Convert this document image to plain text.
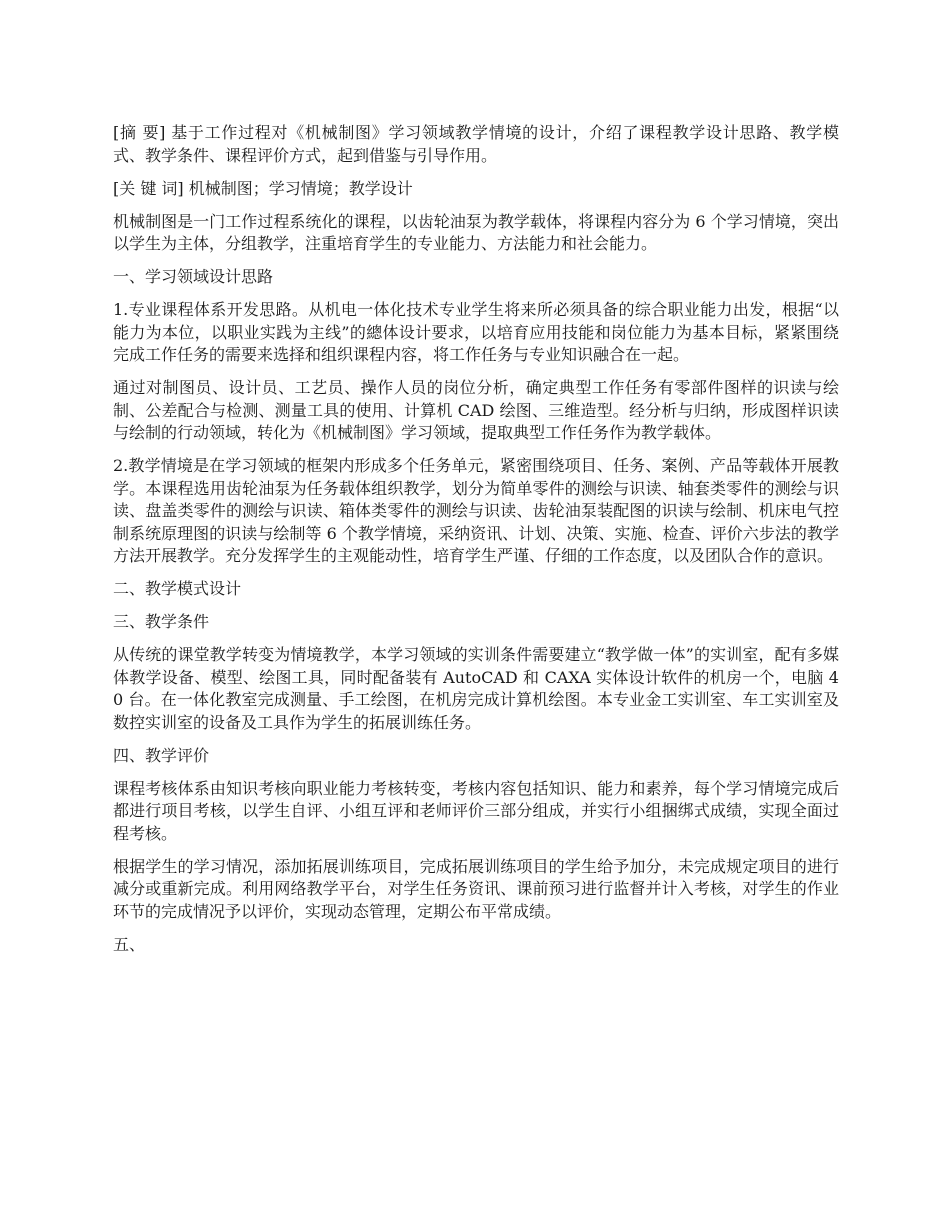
[摘 要] 基于工作过程对《机械制图》学习领域教学情境的设计，介绍了课程教学设计思路、教学模式、教学条件、课程评价方式，起到借鉴与引导作用。

[关 键 词] 机械制图；学习情境；教学设计

机械制图是一门工作过程系统化的课程，以齿轮油泵为教学载体，将课程内容分为 6 个学习情境，突出以学生为主体，分组教学，注重培育学生的专业能力、方法能力和社会能力。

一、学习领域设计思路

1.专业课程体系开发思路。从机电一体化技术专业学生将来所必须具备的综合职业能力出发，根据“以能力为本位，以职业实践为主线”的總体设计要求，以培育应用技能和岗位能力为基本目标，紧紧围绕完成工作任务的需要来选择和组织课程内容，将工作任务与专业知识融合在一起。

通过对制图员、设计员、工艺员、操作人员的岗位分析，确定典型工作任务有零部件图样的识读与绘制、公差配合与检测、测量工具的使用、计算机 CAD 绘图、三维造型。经分析与归纳，形成图样识读与绘制的行动领域，转化为《机械制图》学习领域，提取典型工作任务作为教学载体。

2.教学情境是在学习领域的框架内形成多个任务单元，紧密围绕项目、任务、案例、产品等载体开展教学。本课程选用齿轮油泵为任务载体组织教学，划分为简单零件的测绘与识读、轴套类零件的测绘与识读、盘盖类零件的测绘与识读、箱体类零件的测绘与识读、齿轮油泵装配图的识读与绘制、机床电气控制系统原理图的识读与绘制等 6 个教学情境，采纳资讯、计划、决策、实施、检查、评价六步法的教学方法开展教学。充分发挥学生的主观能动性，培育学生严谨、仔细的工作态度，以及团队合作的意识。

二、教学模式设计

三、教学条件

从传统的课堂教学转变为情境教学，本学习领域的实训条件需要建立“教学做一体”的实训室，配有多媒体教学设备、模型、绘图工具，同时配备装有 AutoCAD 和 CAXA 实体设计软件的机房一个，电脑 40 台。在一体化教室完成测量、手工绘图，在机房完成计算机绘图。本专业金工实训室、车工实训室及数控实训室的设备及工具作为学生的拓展训练任务。

四、教学评价

课程考核体系由知识考核向职业能力考核转变，考核内容包括知识、能力和素养，每个学习情境完成后都进行项目考核，以学生自评、小组互评和老师评价三部分组成，并实行小组捆绑式成绩，实现全面过程考核。

根据学生的学习情况，添加拓展训练项目，完成拓展训练项目的学生给予加分，未完成规定项目的进行减分或重新完成。利用网络教学平台，对学生任务资讯、课前预习进行监督并计入考核，对学生的作业环节的完成情况予以评价，实现动态管理，定期公布平常成绩。

五、
